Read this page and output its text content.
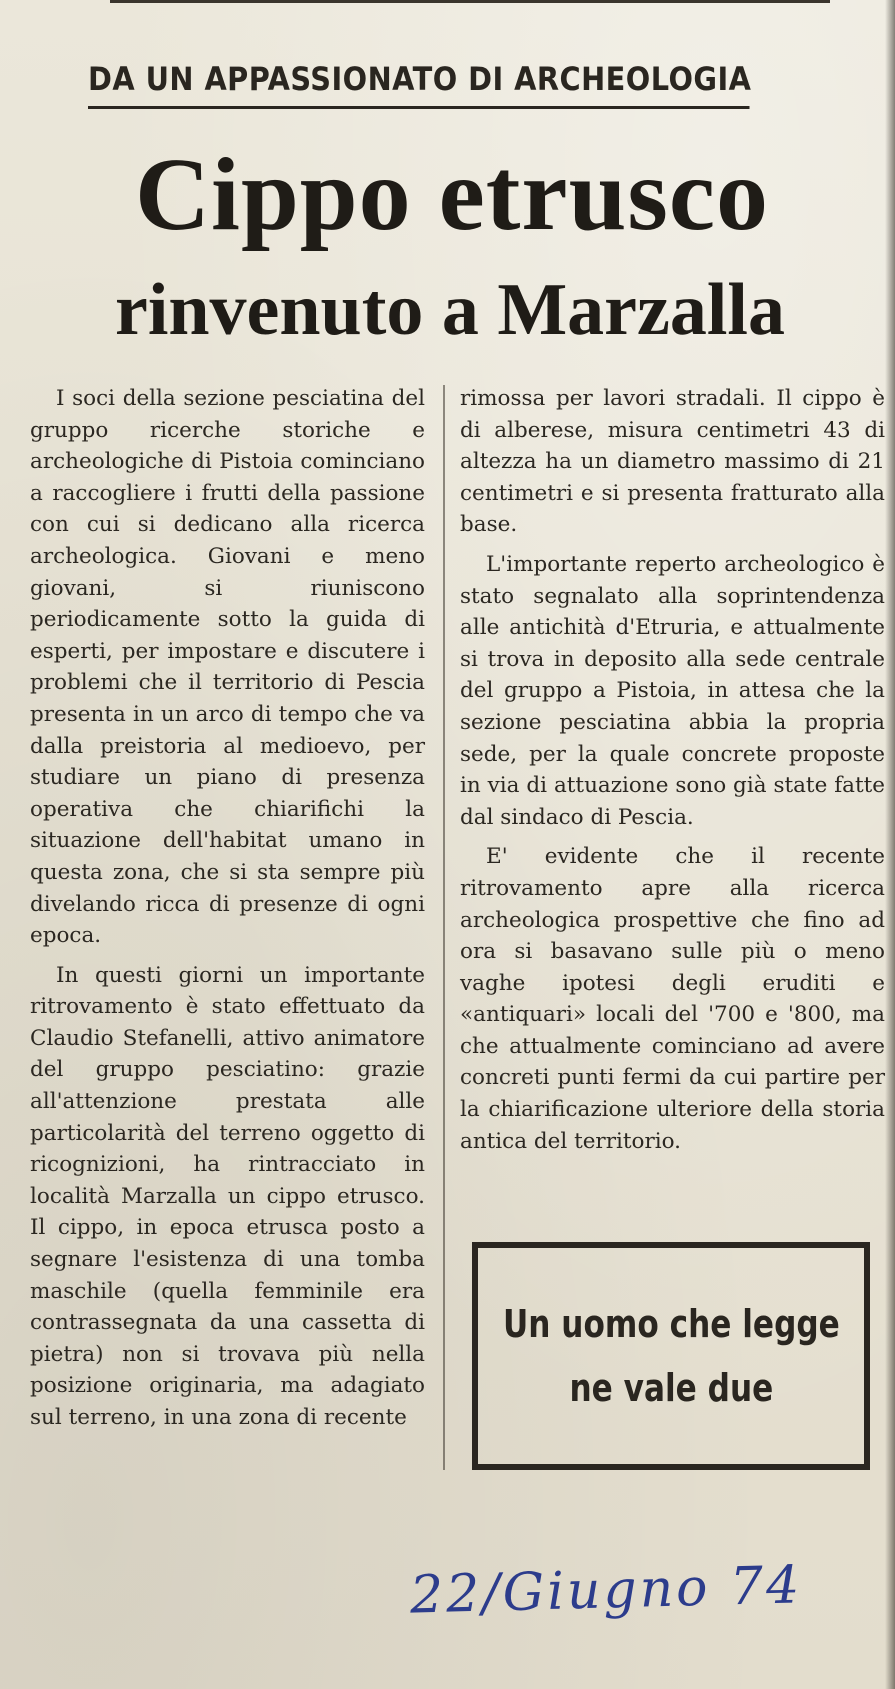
DA UN APPASSIONATO DI ARCHEOLOGIA
Cippo etrusco
rinvenuto a Marzalla

I soci della sezione pesciatina del gruppo ricerche storiche e archeologiche di Pistoia cominciano a raccogliere i frutti della passione con cui si dedicano alla ricerca archeologica. Giovani e meno giovani, si riuniscono periodicamente sotto la guida di esperti, per impostare e discutere i problemi che il territorio di Pescia presenta in un arco di tempo che va dalla preistoria al medioevo, per studiare un piano di presenza operativa che chiarifichi la situazione dell'habitat umano in questa zona, che si sta sempre più divelando ricca di presenze di ogni epoca.

In questi giorni un importante ritrovamento è stato effettuato da Claudio Stefanelli, attivo animatore del gruppo pesciatino: grazie all'attenzione prestata alle particolarità del terreno oggetto di ricognizioni, ha rintracciato in località Marzalla un cippo etrusco. Il cippo, in epoca etrusca posto a segnare l'esistenza di una tomba maschile (quella femminile era contrassegnata da una cassetta di pietra) non si trovava più nella posizione originaria, ma adagiato sul terreno, in una zona di recente

rimossa per lavori stradali. Il cippo è di alberese, misura centimetri 43 di altezza ha un diametro massimo di 21 centimetri e si presenta fratturato alla base.

L'importante reperto archeologico è stato segnalato alla soprintendenza alle antichità d'Etruria, e attualmente si trova in deposito alla sede centrale del gruppo a Pistoia, in attesa che la sezione pesciatina abbia la propria sede, per la quale concrete proposte in via di attuazione sono già state fatte dal sindaco di Pescia.

E' evidente che il recente ritrovamento apre alla ricerca archeologica prospettive che fino ad ora si basavano sulle più o meno vaghe ipotesi degli eruditi e «antiquari» locali del '700 e '800, ma che attualmente cominciano ad avere concreti punti fermi da cui partire per la chiarificazione ulteriore della storia antica del territorio.

Un uomo che legge
ne vale due
22/Giugno 74
